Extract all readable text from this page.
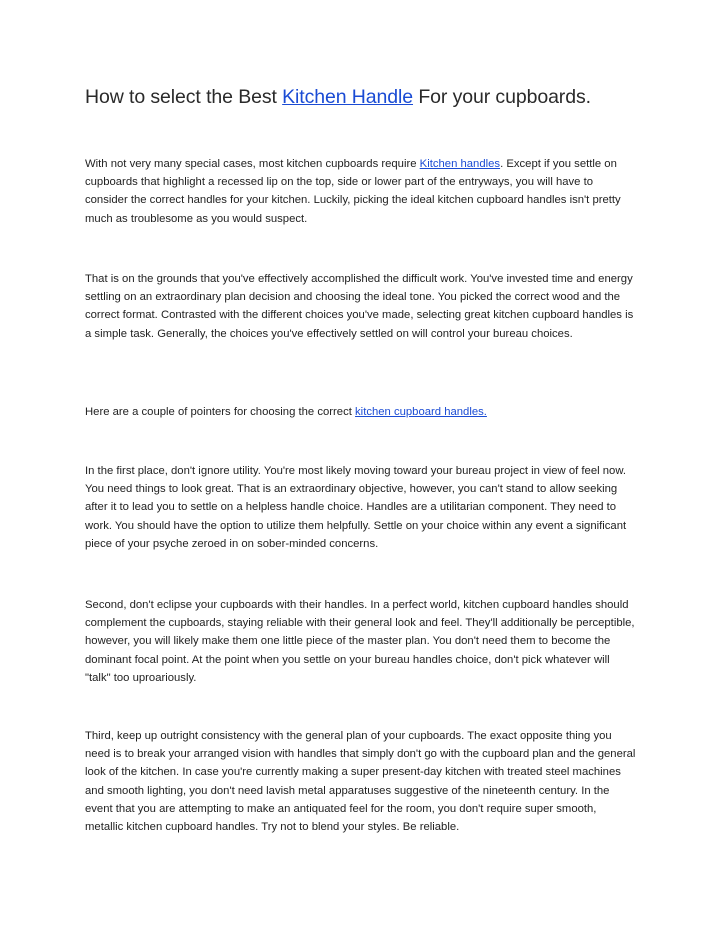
How to select the Best Kitchen Handle For your cupboards.

With not very many special cases, most kitchen cupboards require Kitchen handles. Except if you settle on cupboards that highlight a recessed lip on the top, side or lower part of the entryways, you will have to consider the correct handles for your kitchen. Luckily, picking the ideal kitchen cupboard handles isn't pretty much as troublesome as you would suspect.

That is on the grounds that you've effectively accomplished the difficult work. You've invested time and energy settling on an extraordinary plan decision and choosing the ideal tone. You picked the correct wood and the correct format. Contrasted with the different choices you've made, selecting great kitchen cupboard handles is a simple task. Generally, the choices you've effectively settled on will control your bureau choices.

Here are a couple of pointers for choosing the correct kitchen cupboard handles.

In the first place, don't ignore utility. You're most likely moving toward your bureau project in view of feel now. You need things to look great. That is an extraordinary objective, however, you can't stand to allow seeking after it to lead you to settle on a helpless handle choice. Handles are a utilitarian component. They need to work. You should have the option to utilize them helpfully. Settle on your choice within any event a significant piece of your psyche zeroed in on sober-minded concerns.

Second, don't eclipse your cupboards with their handles. In a perfect world, kitchen cupboard handles should complement the cupboards, staying reliable with their general look and feel. They'll additionally be perceptible, however, you will likely make them one little piece of the master plan. You don't need them to become the dominant focal point. At the point when you settle on your bureau handles choice, don't pick whatever will "talk" too uproariously.

Third, keep up outright consistency with the general plan of your cupboards. The exact opposite thing you need is to break your arranged vision with handles that simply don't go with the cupboard plan and the general look of the kitchen. In case you're currently making a super present-day kitchen with treated steel machines and smooth lighting, you don't need lavish metal apparatuses suggestive of the nineteenth century. In the event that you are attempting to make an antiquated feel for the room, you don't require super smooth, metallic kitchen cupboard handles. Try not to blend your styles. Be reliable.
